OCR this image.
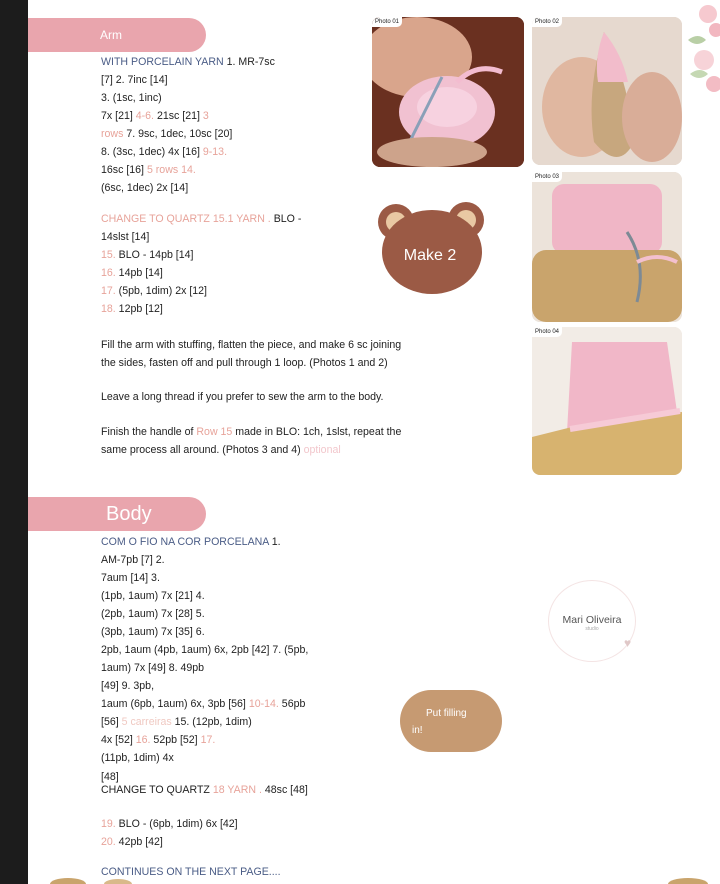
Arm
WITH PORCELAIN YARN 1. MR-7sc
[7] 2. 7inc [14]
3. (1sc, 1inc)
7x [21] 4-6. 21sc [21] 3
rows 7. 9sc, 1dec, 10sc [20]
8. (3sc, 1dec) 4x [16] 9-13.
16sc [16] 5 rows 14.
(6sc, 1dec) 2x [14]
CHANGE TO QUARTZ 15.1 YARN . BLO -
14slst [14]
15. BLO - 14pb [14]
16. 14pb [14]
17. (5pb, 1dim) 2x [12]
18. 12pb [12]
Make 2
Fill the arm with stuffing, flatten the piece, and make 6 sc joining
the sides, fasten off and pull through 1 loop. (Photos 1 and 2)
Leave a long thread if you prefer to sew the arm to the body.
Finish the handle of Row 15 made in BLO: 1ch, 1slst, repeat the
same process all around. (Photos 3 and 4) optional
Photo 01	Photo 02
Photo 03
Photo 04
Body
COM O FIO NA COR PORCELANA 1.
AM-7pb [7] 2.
7aum [14] 3.
(1pb, 1aum) 7x [21] 4.
(2pb, 1aum) 7x [28] 5.
(3pb, 1aum) 7x [35] 6.
2pb, 1aum (4pb, 1aum) 6x, 2pb [42] 7. (5pb,
1aum) 7x [49] 8. 49pb
[49] 9. 3pb,
1aum (6pb, 1aum) 6x, 3pb [56] 10-14. 56pb
[56] 5 carreiras 15. (12pb, 1dim)
4x [52] 16. 52pb [52] 17.
(11pb, 1dim) 4x
[48]
CHANGE TO QUARTZ 18 YARN . 48sc [48]
19. BLO - (6pb, 1dim) 6x [42]
20. 42pb [42]
Mari Oliveira
studio
♥
Put filling
in!
CONTINUES ON THE NEXT PAGE....
